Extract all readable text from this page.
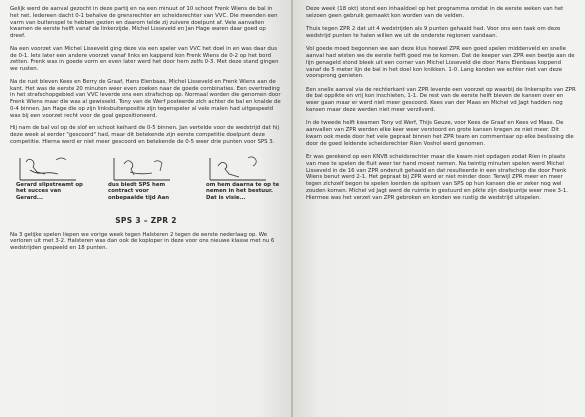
Gelijk werd de aanval gezocht in deze partij en na een minuut of 10 schoot Frenk Wiens de bal in het net. Iedereen dacht 0-1 behalve de grensrechter en scheidsrechter van VVC. Die meenden een varm van buitenspel te hebben gezien en daarom telde zij zuivere doelpunt af. Vele aanvallen kwamen de eerste helft vanaf de linkerzijde. Michel Lisseveld en Jan Hage waren daar goed op dreef.

Na een voorzet van Michel Lisseveld ging deze via een speler van VVC het doel in en was daar dus de 0-1. Iets later een andere voorzet vanaf links en kappend kon Frenk Wiens de 0-2 op het bord zetten. Frenk was in goede vorm en even later werd het door hem zelfs 0-3. Met deze stand gingen we rusten.

Na de rust bleven Kees en Berry de Graaf, Hans Elenbaas, Michel Lisseveld en Frenk Wiens aan de kant. Het was de eerste 20 minuten weer even zoeken naar de goede combinaties. Een overtreding in het strafschopgebied van VVC leverde ons een strafschop op. Normaal worden die genomen door Frenk Wiens maar die was al gewisseld. Tony van de Werf posteerde zich achter de bal en knalde de 0-4 binnen. Jan Hage die op zijn linksbuitenpositie zijn tegenspeler al vele malen had uitgespeeld was bij een voorzet recht voor de goal gepositioneerd.

Hij nam de bal vol op de slof en schoot keihard de 0-5 binnen. Jan vertelde voor de wedstrijd dat hij deze week al eerder "gescoord" had, maar dit betekende zijn eerste competitie doelpunt deze competitie. Hierna werd er niet meer gescoord en betekende de 0-5 weer drie punten voor SPS 3.

Gerard slipstreamt op het succes van Gerard...
dus biedt SPS hem contract voor onbepaalde tijd Aan
om hem daarna te op te nemen in het bestuur. Dat is visie...
SPS 3 – ZPR 2

Na 3 gelijke spelen liepen we vorige week tegen Halsteren 2 tegen de eerste nederlaag op. We verloren uit met 3-2. Halsteren was dan ook de koploper in deze voor ons nieuwe klasse met nu 6 wedstrijden gespeeld en 18 punten.

Deze week (18 okt) stond een inhaaldoel op het programma omdat in de eerste weken van het seizoen geen gebruik gemaakt kon worden van de velden.

Thuis tegen ZPR 2 dat uit 4 wedstrijden als 9 punten gehaald had. Voor ons een taak om deze wedstrijd punten te halen willen we uit de onderste regionen vandaan.

Vol goede moed begonnen we aan deze klus hoewel ZPR een goed spelen middenveld en snelle aanval had wisten we de eerste helft goed me te komen. Dat de keeper van ZPR een beetje aan de lijn genageld stond bleek uit een corner van Michel Lisseveld die door Hans Elenbaas koppend vanaf de 5 meter lijn de bal in het doel kon knikken. 1-0. Lang konden we echter niet van deze voorsprong genieten.

Een snelle aanval via de rechterkant van ZPR leverde een voorzet op waarbij de linkerspits van ZPR de bal oppikte en vrij kon inschieten, 1-1. De rest van de eerste helft bleven de kansen over en weer gaan maar er werd niet meer gescoord. Kees van der Maas en Michel vd Jagt hadden nog kansen maar deze werden niet meer verzilverd.

In de tweede helft kwamen Tony vd Werf, Thijs Geuze, voor Kees de Graaf en Kees vd Maas. De aanvallen van ZPR werden elke keer weer verstoord en grote kansen kregen ze niet meer. Dit kwam ook mede door het vele gepraat binnen het ZPR team en commentaar op elke beslissing die door de goed leidende scheidsrechter Rien Voshol werd genomen.

Er was gerekend op een KNVB scheidsrechter maar die kwam niet opdagen zodat Rien in plaats van mee te spelen de fluit weer ter hand moest nemen. Na twintig minuten spelen werd Michel Lisseveld in de 16 van ZPR onderuit gehaald en dat resulteerde in een strafschop die door Frenk Wiens benut werd 2-1. Het gepraat bij ZPR werd er niet minder door. Terwijl ZPR meer en meer tegen zichzelf begon te spelen loerden de spitsen van SPS op hun kansen die er zeker nog wel zouden komen. Michel vd Jagt werd de ruimte in gestuurd en pikte zijn doelpuntje weer mee 3-1. Hiermee was het verzet van ZPR gebroken en konden we rustig de wedstrijd uitspelen.
